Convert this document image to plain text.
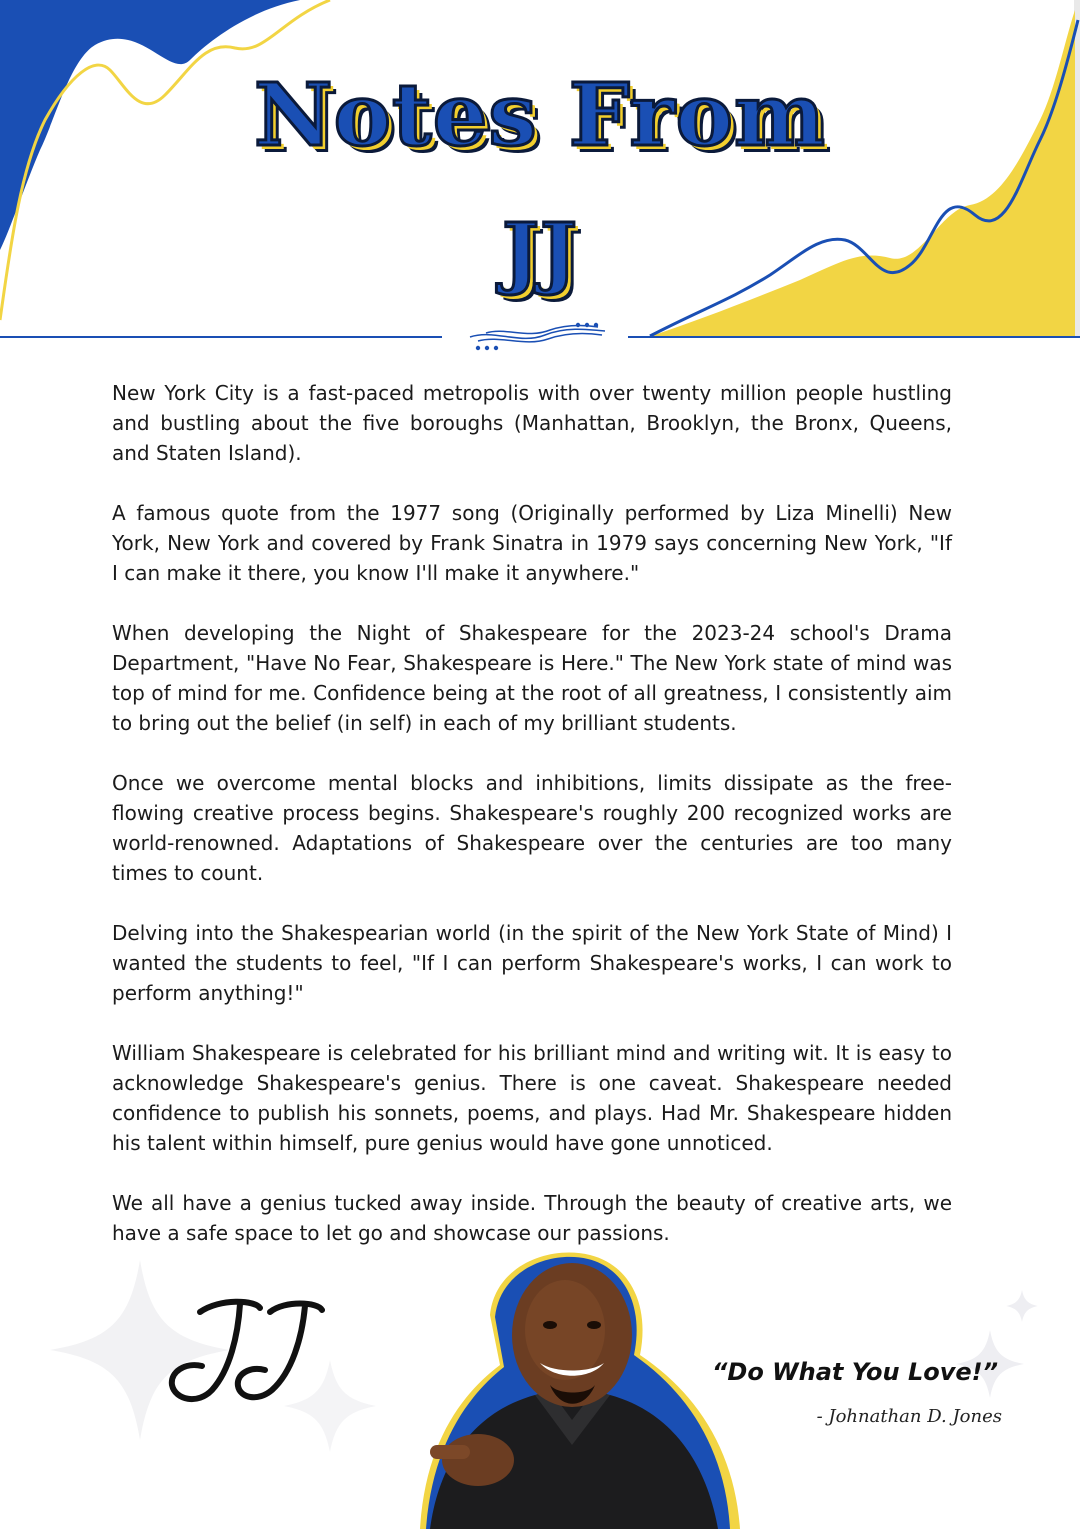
Notes From
JJ

New York City is a fast-paced metropolis with over twenty million people hustling and bustling about the five boroughs (Manhattan, Brooklyn, the Bronx, Queens, and Staten Island).

A famous quote from the 1977 song (Originally performed by Liza Minelli) New York, New York and covered by Frank Sinatra in 1979 says concerning New York, "If I can make it there, you know I'll make it anywhere."

When developing the Night of Shakespeare for the 2023-24 school's Drama Department, "Have No Fear, Shakespeare is Here." The New York state of mind was top of mind for me. Confidence being at the root of all greatness, I consistently aim to bring out the belief (in self) in each of my brilliant students.

Once we overcome mental blocks and inhibitions, limits dissipate as the free-flowing creative process begins. Shakespeare's roughly 200 recognized works are world-renowned. Adaptations of Shakespeare over the centuries are too many times to count.

Delving into the Shakespearian world (in the spirit of the New York State of Mind) I wanted the students to feel, "If I can perform Shakespeare's works, I can work to perform anything!"

William Shakespeare is celebrated for his brilliant mind and writing wit. It is easy to acknowledge Shakespeare's genius. There is one caveat. Shakespeare needed confidence to publish his sonnets, poems, and plays. Had Mr. Shakespeare hidden his talent within himself, pure genius would have gone unnoticed.

We all have a genius tucked away inside. Through the beauty of creative arts, we have a safe space to let go and showcase our passions.

“Do What You Love!”
- Johnathan D. Jones
